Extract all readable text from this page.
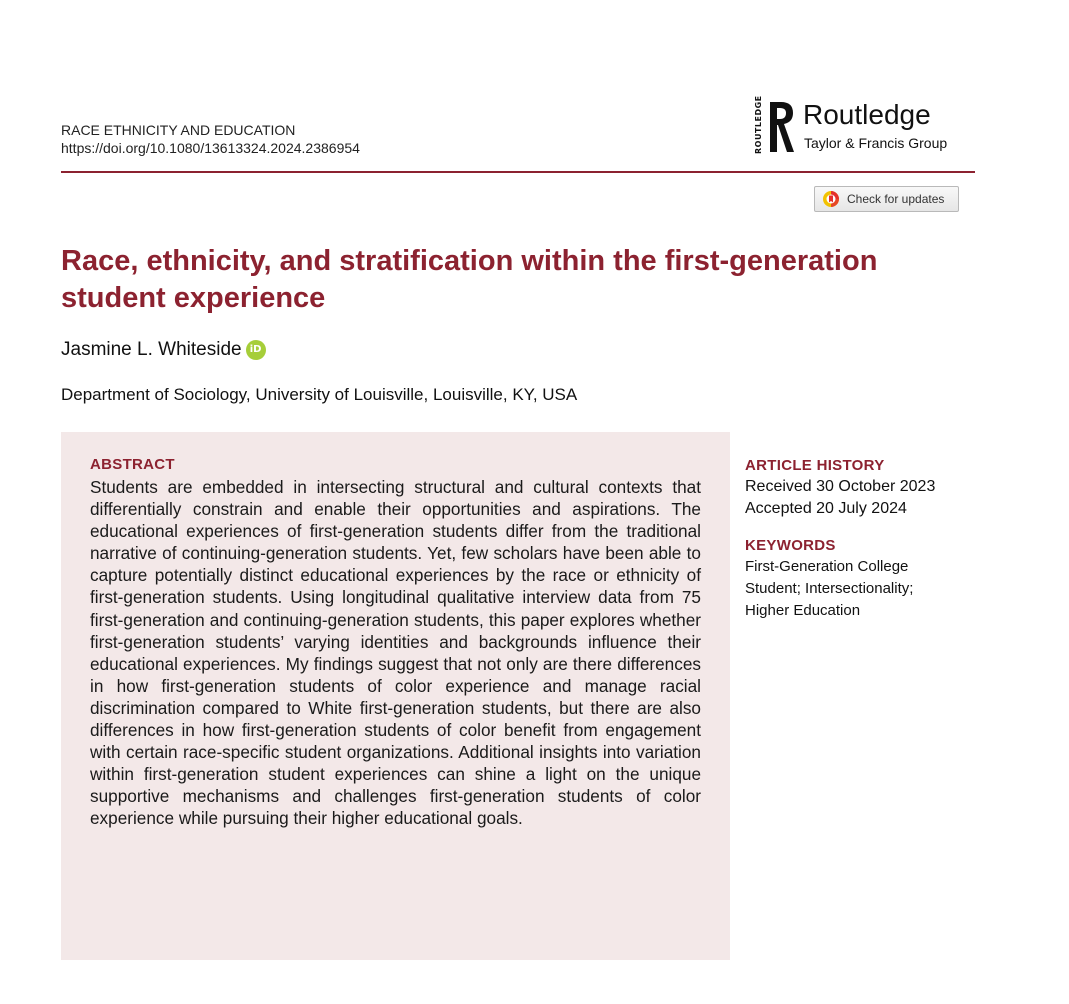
RACE ETHNICITY AND EDUCATION
https://doi.org/10.1080/13613324.2024.2386954	ROUTLEDGE Routledge
Taylor & Francis Group
Check for updates
Race, ethnicity, and stratification within the first-generation student experience
Jasmine L. Whiteside iD
Department of Sociology, University of Louisville, Louisville, KY, USA
ABSTRACT
Students are embedded in intersecting structural and cultural contexts that differentially constrain and enable their opportunities and aspirations. The educational experiences of first-generation students differ from the traditional narrative of continuing-generation students. Yet, few scholars have been able to capture potentially distinct educational experiences by the race or ethnicity of first-generation students. Using longitudinal qualitative interview data from 75 first-generation and continuing-generation students, this paper explores whether first-generation students’ varying identities and backgrounds influence their educational experiences. My findings suggest that not only are there differences in how first-generation students of color experience and manage racial discrimination compared to White first-generation students, but there are also differences in how first-generation students of color benefit from engagement with certain race-specific student organizations. Additional insights into variation within first-generation student experiences can shine a light on the unique supportive mechanisms and challenges first-generation students of color experience while pursuing their higher educational goals.
ARTICLE HISTORY
Received 30 October 2023
Accepted 20 July 2024
KEYWORDS
First-Generation College Student; Intersectionality; Higher Education
